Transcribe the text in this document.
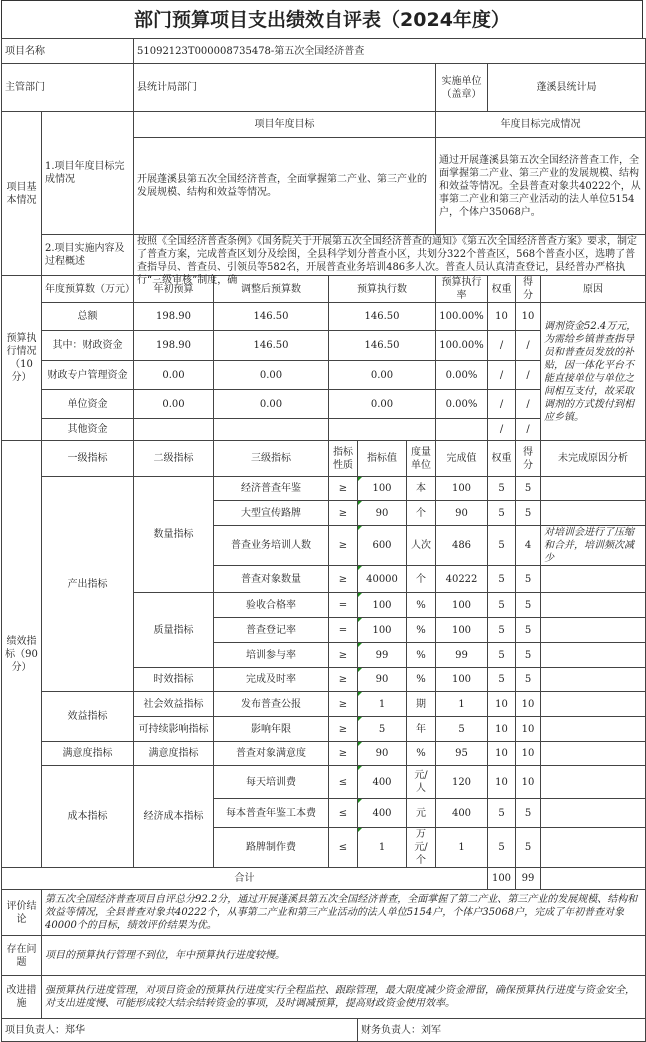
部门预算项目支出绩效自评表（2024年度）
项目名称		51092123T000008735478-第五次全国经济普查								
主管部门		县统计局部门					实施单位（盖章）	蓬溪县统计局		
项目基本情况	1.项目年度目标完成情况	项目年度目标					年度目标完成情况			
		开展蓬溪县第五次全国经济普查，全面掌握第二产业、第三产业的发展规模、结构和效益等情况。					通过开展蓬溪县第五次全国经济普查工作，全面掌握第二产业、第三产业的发展规模、结构和效益等情况。全县普查对象共40222个，从事第二产业和第三产业活动的法人单位5154户，个体户35068户。			
	2.项目实施内容及过程概述	按照《全国经济普查条例》《国务院关于开展第五次全国经济普查的通知》《第五次全国经济普查方案》要求，制定了普查方案，完成普查区划分及绘图，全县科学划分普查小区，共划分322个普查区，568个普查小区，选聘了普查指导员、普查员、引领员等582名，开展普查业务培训486多人次。普查人员认真清查登记，县经普办严格执行“三级审核”制度，确								

预算执行情况（10分）	年度预算数（万元）	年初预算	调整后预算数	预算执行数			预算执行率	权重	得分	原因
	总额	198.90	146.50	146.50			100.00%	10	10	调剂资金52.4万元，为需给乡镇普查指导员和普查员发放的补贴，因一体化平台不能直接单位与单位之间相互支付，故采取调剂的方式拨付到相应乡镇。
	其中：财政资金	198.90	146.50	146.50			100.00%	/	/	
	财政专户管理资金	0.00	0.00	0.00			0.00%	/	/	
	单位资金	0.00	0.00	0.00			0.00%	/	/	
	其他资金							/	/	
绩效指标（90分）	一级指标	二级指标	三级指标	指标性质	指标值	度量单位	完成值	权重	得分	未完成原因分析
	产出指标	数量指标	经济普查年鉴	≥	100	本	100	5	5	
			大型宣传路牌	≥	90	个	90	5	5	
			普查业务培训人数	≥	600	人次	486	5	4	对培训会进行了压缩和合并，培训频次减少
			普查对象数量	≥	40000	个	40222	5	5	
		质量指标	验收合格率	=	100	%	100	5	5	
			普查登记率	=	100	%	100	5	5	
			培训参与率	≥	99	%	99	5	5	
		时效指标	完成及时率	≥	90	%	100	5	5	
	效益指标	社会效益指标	发布普查公报	≥	1	期	1	10	10	
		可持续影响指标	影响年限	≥	5	年	5	10	10	
	满意度指标	满意度指标	普查对象满意度	≥	90	%	95	10	10	
	成本指标	经济成本指标	每天培训费	≤	400	元/人	120	10	10	
			每本普查年鉴工本费	≤	400	元	400	5	5	
			路牌制作费	≤	1	万元/个	1	5	5	
合计								100	99	
评价结论	第五次全国经济普查项目自评总分92.2分，通过开展蓬溪县第五次全国经济普查，全面掌握了第二产业、第三产业的发展规模、结构和效益等情况，全县普查对象共40222个，从事第二产业和第三产业活动的法人单位5154户，个体户35068户，完成了年初普查对象40000个的目标，绩效评价结果为优。									
存在问题	项目的预算执行管理不到位，年中预算执行进度较慢。									
改进措施	强预算执行进度管理，对项目资金的预算执行进度实行全程监控、跟踪管理，最大限度减少资金滞留，确保预算执行进度与资金安全，对支出进度慢、可能形成较大结余结转资金的事项，及时调减预算，提高财政资金使用效率。									
项目负责人：郑华					财务负责人：刘军					
